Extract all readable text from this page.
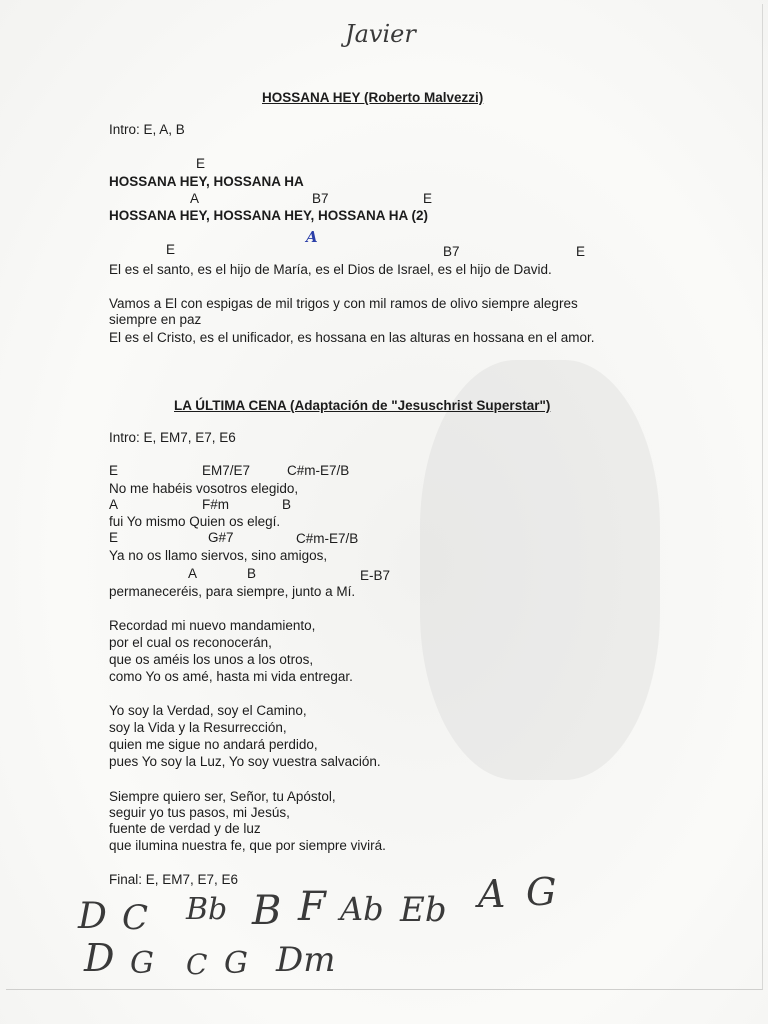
Javier
HOSSANA HEY (Roberto Malvezzi)
Intro: E, A, B
E
HOSSANA HEY, HOSSANA HA
A	B7	E
HOSSANA HEY, HOSSANA HEY, HOSSANA HA (2)
E
A
B7	E
El es el santo, es el hijo de María, es el Dios de Israel, es el hijo de David.
Vamos a El con espigas de mil trigos y con mil ramos de olivo siempre alegres
siempre en paz
El es el Cristo, es el unificador, es hossana en las alturas en hossana en el amor.
LA ÚLTIMA CENA (Adaptación de "Jesuschrist Superstar")
Intro: E, EM7, E7, E6
E	EM7/E7	C#m-E7/B
No me habéis vosotros elegido,
A	F#m	B
fui Yo mismo Quien os elegí.
E	G#7	C#m-E7/B
Ya no os llamo siervos, sino amigos,
A	B	E-B7
permaneceréis, para siempre, junto a Mí.
Recordad mi nuevo mandamiento,
por el cual os reconocerán,
que os améis los unos a los otros,
como Yo os amé, hasta mi vida entregar.
Yo soy la Verdad, soy el Camino,
soy la Vida y la Resurrección,
quien me sigue no andará perdido,
pues Yo soy la Luz, Yo soy vuestra salvación.
Siempre quiero ser, Señor, tu Apóstol,
seguir yo tus pasos, mi Jesús,
fuente de verdad y de luz
que ilumina nuestra fe, que por siempre vivirá.
Final: E, EM7, E7, E6
D C Bb B F Ab Eb A G
D G C G Dm
